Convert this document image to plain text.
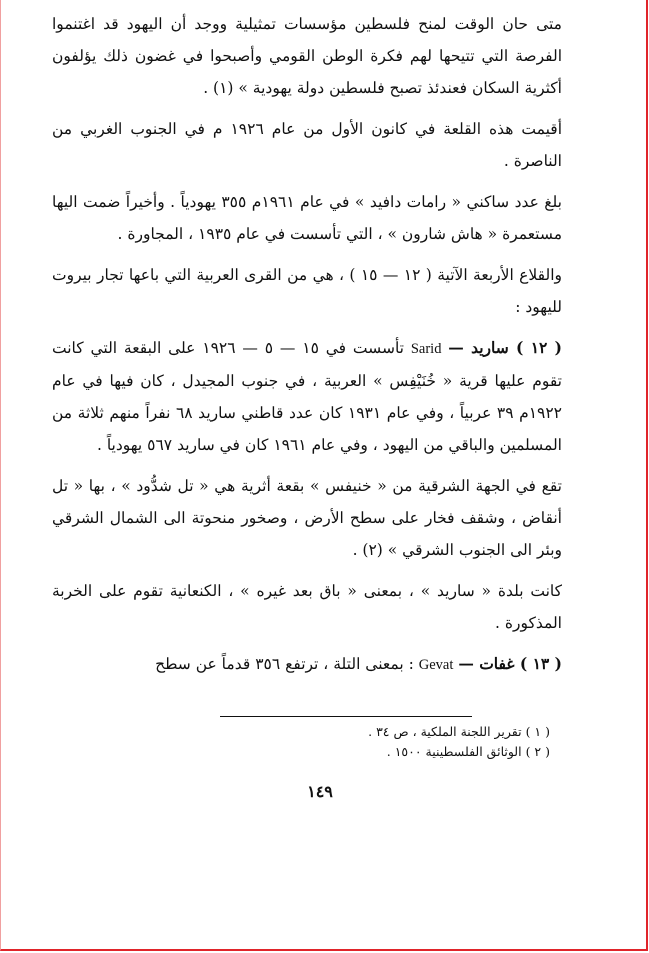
متى حان الوقت لمنح فلسطين مؤسسات تمثيلية ووجد أن اليهود قد اغتنموا الفرصة التي تتيحها لهم فكرة الوطن القومي وأصبحوا في غضون ذلك يؤلفون أكثرية السكان فعندئذ تصبح فلسطين دولة يهودية » (١) .

أقيمت هذه القلعة في كانون الأول من عام ١٩٢٦ م في الجنوب الغربي من الناصرة .

بلغ عدد ساكني « رامات دافيد » في عام ١٩٦١م ٣٥٥ يهودياً . وأخيراً ضمت اليها مستعمرة « هاش شارون » ، التي تأسست في عام ١٩٣٥ ، المجاورة .

والقلاع الأربعة الآتية ( ١٢ — ١٥ ) ، هي من القرى العربية التي باعها تجار بيروت لليهود :

( ١٢ ) ساريد — Sarid تأسست في ١٥ — ٥ — ١٩٢٦ على البقعة التي كانت تقوم عليها قرية « خُنَيْفِس » العربية ، في جنوب المجيدل ، كان فيها في عام ١٩٢٢م ٣٩ عربياً ، وفي عام ١٩٣١ كان عدد قاطني ساريد ٦٨ نفراً منهم ثلاثة من المسلمين والباقي من اليهود ، وفي عام ١٩٦١ كان في ساريد ٥٦٧ يهودياً .

تقع في الجهة الشرقية من « خنيفس » بقعة أثرية هي « تل شدُّود » ، بها « تل أنقاض ، وشقف فخار على سطح الأرض ، وصخور منحوتة الى الشمال الشرقي وبئر الى الجنوب الشرقي » (٢) .

كانت بلدة « ساريد » ، بمعنى « باق بعد غيره » ، الكنعانية تقوم على الخربة المذكورة .

( ١٣ ) غفات — Gevat : بمعنى التلة ، ترتفع ٣٥٦ قدماً عن سطح

( ١ ) تقرير اللجنة الملكية ، ص ٣٤ .

( ٢ ) الوثائق الفلسطينية ١٥٠٠ .

١٤٩
